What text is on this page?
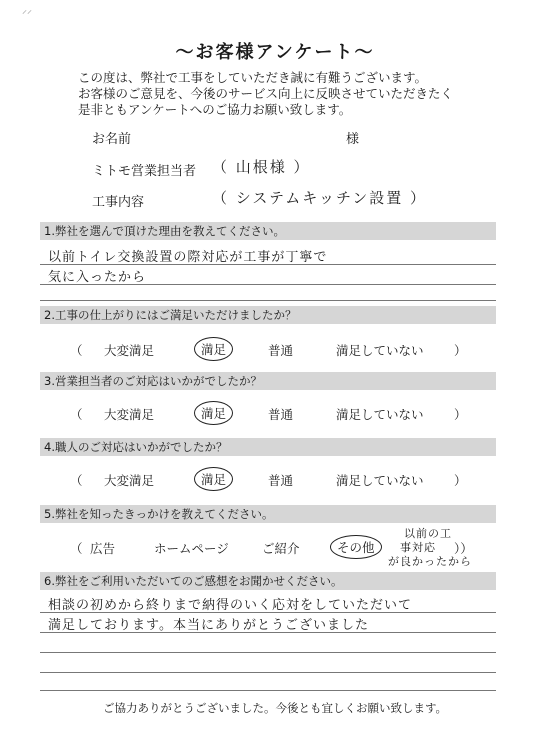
⸝⸝
～お客様アンケート～
この度は、弊社で工事をしていただき誠に有難うございます。
お客様のご意見を、今後のサービス向上に反映させていただきたく
是非ともアンケートへのご協力お願い致します。
お名前	様
ミトモ営業担当者 （ 山根様 ）
工事内容	（ システムキッチン設置 ）
1.弊社を選んで頂けた理由を教えてください。
以前トイレ交換設置の際対応が工事が丁寧で
気に入ったから
2.工事の仕上がりにはご満足いただけましたか？
（ 大変満足	満足	普通	満足していない ）
3.営業担当者のご対応はいかがでしたか？
（ 大変満足	満足	普通	満足していない ）
4.職人のご対応はいかがでしたか？
（ 大変満足	満足	普通	満足していない ）
5.弊社を知ったきっかけを教えてください。
（ 広告	ホームページ	ご紹介	その他
以前の工
事対応 ））
が良かったから
6.弊社をご利用いただいてのご感想をお聞かせください。
相談の初めから終りまで納得のいく応対をしていただいて
満足しております。本当にありがとうございました
ご協力ありがとうございました。今後とも宜しくお願い致します。
